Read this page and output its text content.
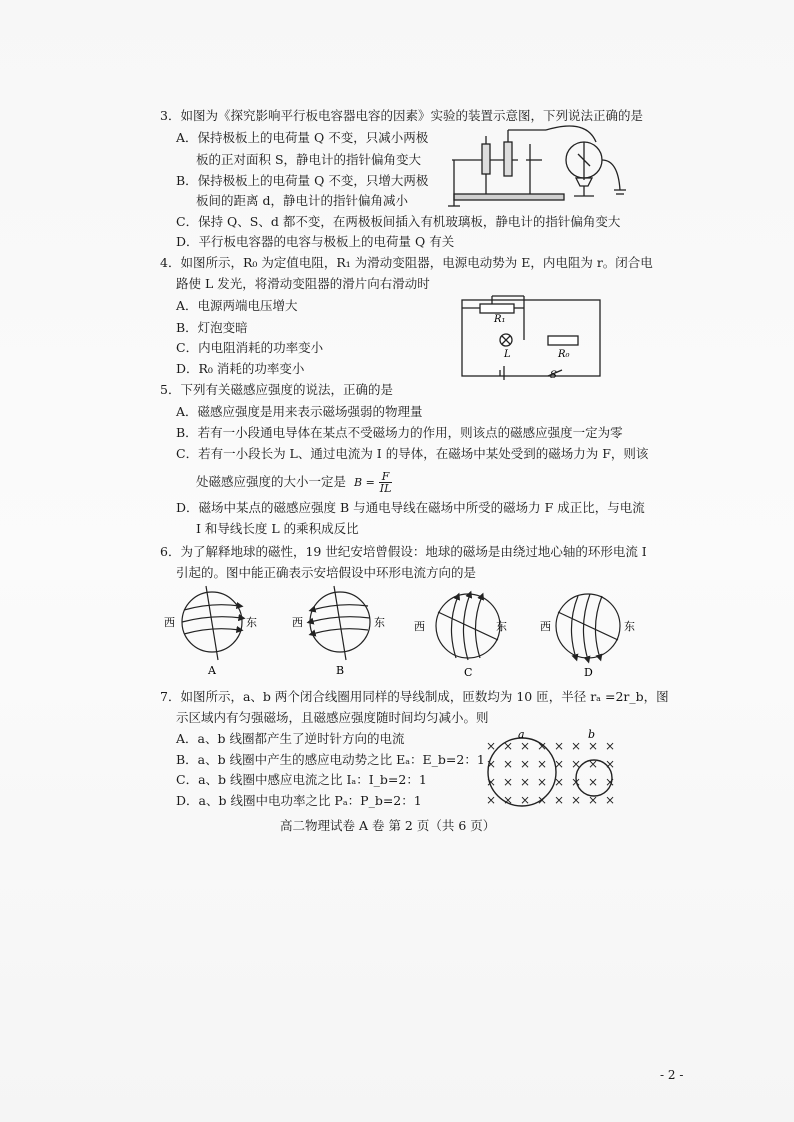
3．如图为《探究影响平行板电容器电容的因素》实验的装置示意图，下列说法正确的是
A．保持极板上的电荷量 Q 不变，只减小两极
板的正对面积 S，静电计的指针偏角变大
B．保持极板上的电荷量 Q 不变，只增大两极
板间的距离 d，静电计的指针偏角减小
C．保持 Q、S、d 都不变，在两极板间插入有机玻璃板，静电计的指针偏角变大
D．平行板电容器的电容与极板上的电荷量 Q 有关
4．如图所示，R₀ 为定值电阻，R₁ 为滑动变阻器，电源电动势为 E，内电阻为 r。闭合电
路使 L 发光，将滑动变阻器的滑片向右滑动时
A．电源两端电压增大
B．灯泡变暗
C．内电阻消耗的功率变小
D．R₀ 消耗的功率变小
R₁
L	R₀
S
5．下列有关磁感应强度的说法，正确的是
A．磁感应强度是用来表示磁场强弱的物理量
B．若有一小段通电导体在某点不受磁场力的作用，则该点的磁感应强度一定为零
C．若有一小段长为 L、通过电流为 I 的导体，在磁场中某处受到的磁场力为 F，则该
处磁感应强度的大小一定是 $B = \frac{F}{IL}$
D．磁场中某点的磁感应强度 B 与通电导线在磁场中所受的磁场力 F 成正比，与电流
I 和导线长度 L 的乘积成反比
6．为了解释地球的磁性，19 世纪安培曾假设：地球的磁场是由绕过地心轴的环形电流 I
引起的。图中能正确表示安培假设中环形电流方向的是
西	东	西	东	西	东	西	东
A	B	C	D
7．如图所示，a、b 两个闭合线圈用同样的导线制成，匝数均为 10 匝，半径 rₐ =2r_b，图
示区域内有匀强磁场，且磁感应强度随时间均匀减小。则
A．a、b 线圈都产生了逆时针方向的电流
B．a、b 线圈中产生的感应电动势之比 Eₐ：E_b=2：1
C．a、b 线圈中感应电流之比 Iₐ：I_b=2：1
D．a、b 线圈中电功率之比 Pₐ：P_b=2：1
× × × × × × × ×
× × × × × × × ×
× × × × × × × ×
× × × × × × × ×
a	b
高二物理试卷 A 卷 第 2 页（共 6 页）
- 2 -
